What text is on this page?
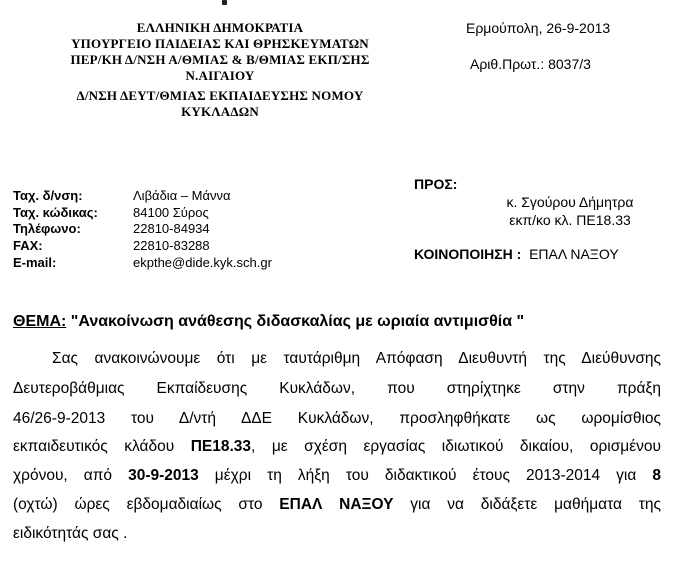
ΕΛΛΗΝΙΚΗ ΔΗΜΟΚΡΑΤΙΑ
ΥΠΟΥΡΓΕΙΟ ΠΑΙΔΕΙΑΣ ΚΑΙ ΘΡΗΣΚΕΥΜΑΤΩΝ
ΠΕΡ/ΚΗ Δ/ΝΣΗ Α/ΘΜΙΑΣ & Β/ΘΜΙΑΣ ΕΚΠ/ΣΗΣ
Ν.ΑΙΓΑΙΟΥ
Δ/ΝΣΗ ΔΕΥΤ/ΘΜΙΑΣ ΕΚΠΑΙΔΕΥΣΗΣ ΝΟΜΟΥ
ΚΥΚΛΑΔΩΝ
Ερμούπολη, 26-9-2013
Αριθ.Πρωτ.: 8037/3
Ταχ. δ/νση:	Λιβάδια – Μάννα
Ταχ. κώδικας:	84100 Σύρος
Τηλέφωνο:	22810-84934
FAX:	22810-83288
E-mail:	ekpthe@dide.kyk.sch.gr
ΠΡΟΣ:
κ. Σγούρου Δήμητρα
εκπ/κο κλ. ΠΕ18.33
ΚΟΙΝΟΠΟΙΗΣΗ : ΕΠΑΛ ΝΑΞΟΥ
ΘΕΜΑ: "Ανακοίνωση ανάθεσης διδασκαλίας με ωριαία αντιμισθία "
Σας ανακοινώνουμε ότι με ταυτάριθμη Απόφαση Διευθυντή της Διεύθυνσης
Δευτεροβάθμιας Εκπαίδευσης Κυκλάδων, που στηρίχτηκε στην πράξη
46/26-9-2013 του Δ/ντή ΔΔΕ Κυκλάδων, προσληφθήκατε ως ωρομίσθιος
εκπαιδευτικός κλάδου ΠΕ18.33, με σχέση εργασίας ιδιωτικού δικαίου, ορισμένου
χρόνου, από 30-9-2013 μέχρι τη λήξη του διδακτικού έτους 2013-2014 για 8
(οχτώ) ώρες εβδομαδιαίως στο ΕΠΑΛ ΝΑΞΟΥ για να διδάξετε μαθήματα της
ειδικότητάς σας .
